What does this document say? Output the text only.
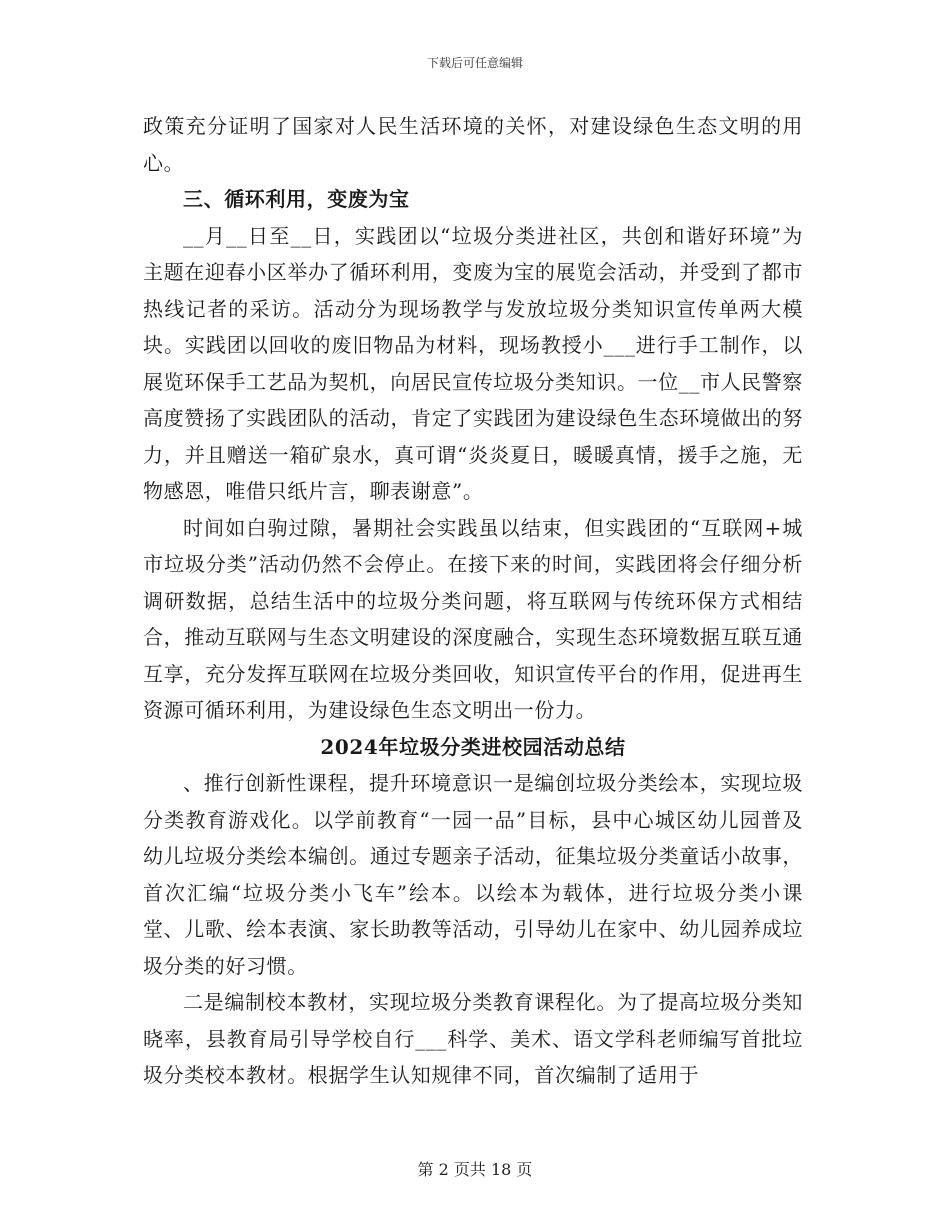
下载后可任意编辑

政策充分证明了国家对人民生活环境的关怀，对建设绿色生态文明的用心。

三、循环利用，变废为宝

__月__日至__日，实践团以“垃圾分类进社区，共创和谐好环境”为主题在迎春小区举办了循环利用，变废为宝的展览会活动，并受到了都市热线记者的采访。活动分为现场教学与发放垃圾分类知识宣传单两大模块。实践团以回收的废旧物品为材料，现场教授小___进行手工制作，以展览环保手工艺品为契机，向居民宣传垃圾分类知识。一位__市人民警察高度赞扬了实践团队的活动，肯定了实践团为建设绿色生态环境做出的努力，并且赠送一箱矿泉水，真可谓“炎炎夏日，暖暖真情，援手之施，无物感恩，唯借只纸片言，聊表谢意”。

时间如白驹过隙，暑期社会实践虽以结束，但实践团的“互联网+城市垃圾分类”活动仍然不会停止。在接下来的时间，实践团将会仔细分析调研数据，总结生活中的垃圾分类问题，将互联网与传统环保方式相结合，推动互联网与生态文明建设的深度融合，实现生态环境数据互联互通互享，充分发挥互联网在垃圾分类回收，知识宣传平台的作用，促进再生资源可循环利用，为建设绿色生态文明出一份力。

2024年垃圾分类进校园活动总结

、推行创新性课程，提升环境意识一是编创垃圾分类绘本，实现垃圾分类教育游戏化。以学前教育“一园一品”目标，县中心城区幼儿园普及幼儿垃圾分类绘本编创。通过专题亲子活动，征集垃圾分类童话小故事，首次汇编“垃圾分类小飞车”绘本。以绘本为载体，进行垃圾分类小课堂、儿歌、绘本表演、家长助教等活动，引导幼儿在家中、幼儿园养成垃圾分类的好习惯。

二是编制校本教材，实现垃圾分类教育课程化。为了提高垃圾分类知晓率，县教育局引导学校自行___科学、美术、语文学科老师编写首批垃圾分类校本教材。根据学生认知规律不同，首次编制了适用于

第 2 页共 18 页
